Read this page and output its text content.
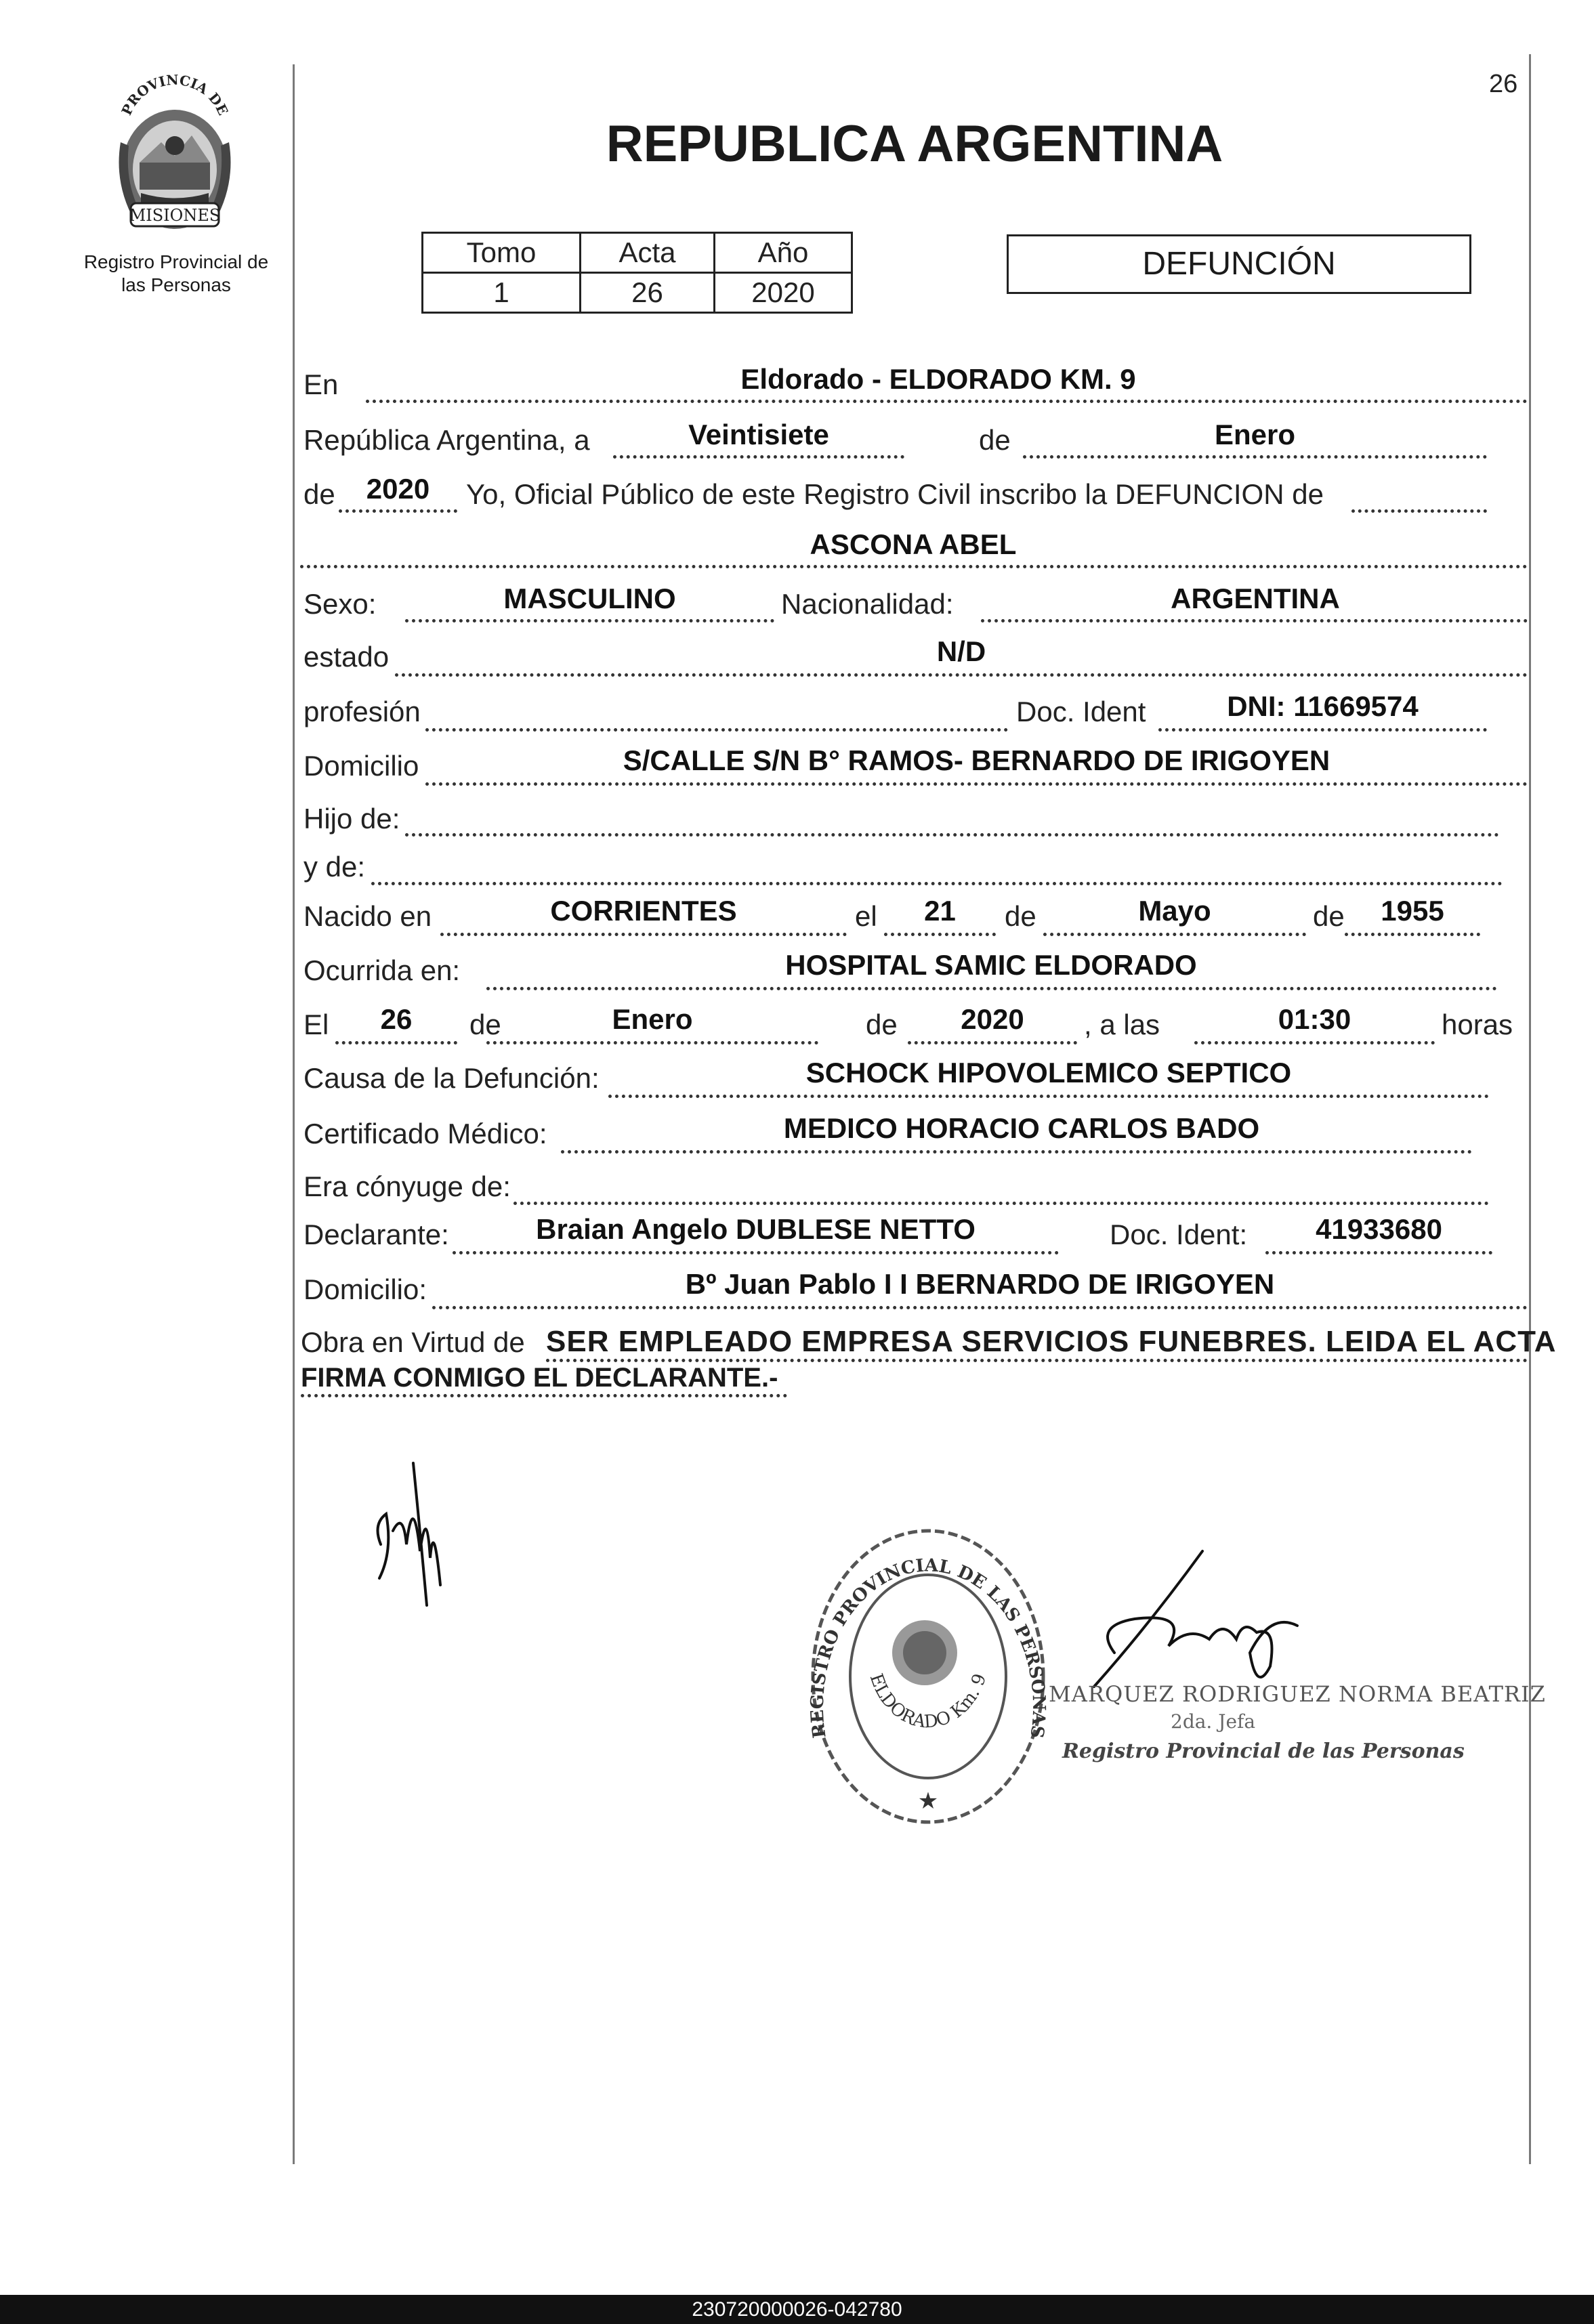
26
PROVINCIA DE
MISIONES
Registro Provincial de
las Personas
REPUBLICA ARGENTINA
Tomo	Acta	Año
1	26	2020
DEFUNCIÓN
En	Eldorado - ELDORADO KM. 9
República Argentina, a	Veintisiete	de	Enero
de	2020	Yo, Oficial Público de este Registro Civil inscribo la DEFUNCION de
ASCONA ABEL
Sexo:	MASCULINO	Nacionalidad:	ARGENTINA
estado	N/D
profesión	Doc. Ident	DNI: 11669574
Domicilio	S/CALLE S/N B° RAMOS- BERNARDO DE IRIGOYEN
Hijo de:
y de:
Nacido en	CORRIENTES	el	21	de	Mayo	de	1955
Ocurrida en:	HOSPITAL SAMIC ELDORADO
El	26	de	Enero	de	2020	, a las	01:30	horas
Causa de la Defunción:	SCHOCK HIPOVOLEMICO SEPTICO
Certificado Médico:	MEDICO HORACIO CARLOS BADO
Era cónyuge de:
Declarante:	Braian Angelo DUBLESE NETTO	Doc. Ident:	41933680
Domicilio:	Bº Juan Pablo I I BERNARDO DE IRIGOYEN
Obra en Virtud de SER EMPLEADO EMPRESA SERVICIOS FUNEBRES. LEIDA EL ACTA
FIRMA CONMIGO EL DECLARANTE.-
REGISTRO PROVINCIAL DE LAS PERSONAS
ELDORADO Km. 9
★
MARQUEZ RODRIGUEZ NORMA BEATRIZ
2da. Jefa
Registro Provincial de las Personas
230720000026-042780
